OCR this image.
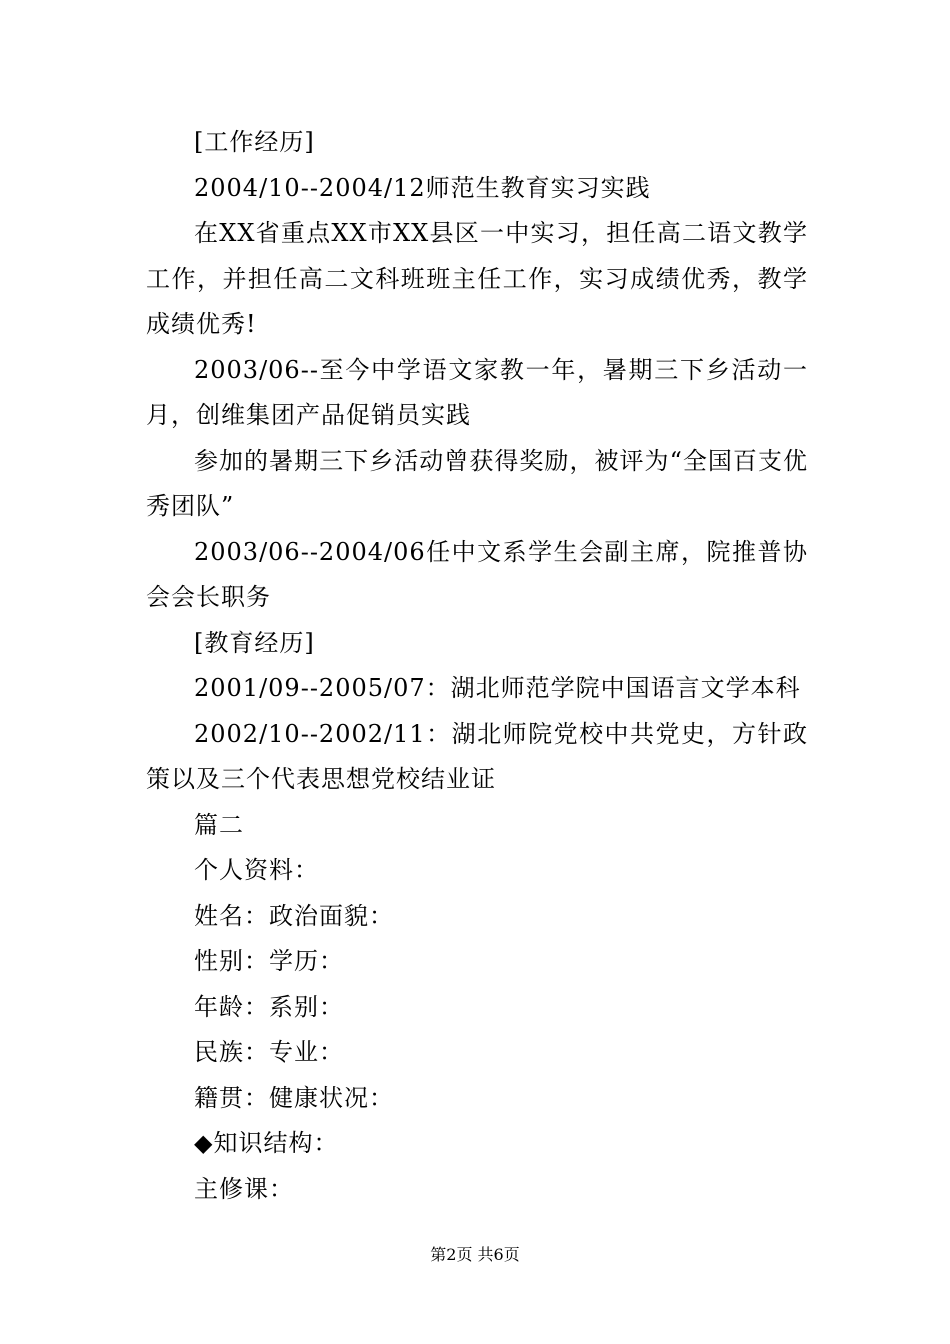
[工作经历]

2004/10--2004/12师范生教育实习实践

在XX省重点XX市XX县区一中实习，担任高二语文教学工作，并担任高二文科班班主任工作，实习成绩优秀，教学成绩优秀!

2003/06--至今中学语文家教一年，暑期三下乡活动一月，创维集团产品促销员实践

参加的暑期三下乡活动曾获得奖励，被评为“全国百支优秀团队”

2003/06--2004/06任中文系学生会副主席，院推普协会会长职务

[教育经历]

2001/09--2005/07：湖北师范学院中国语言文学本科

2002/10--2002/11：湖北师院党校中共党史，方针政策以及三个代表思想党校结业证

篇二

个人资料：

姓名：政治面貌：

性别：学历：

年龄：系别：

民族：专业：

籍贯：健康状况：

◆知识结构：

主修课：

第2页 共6页
